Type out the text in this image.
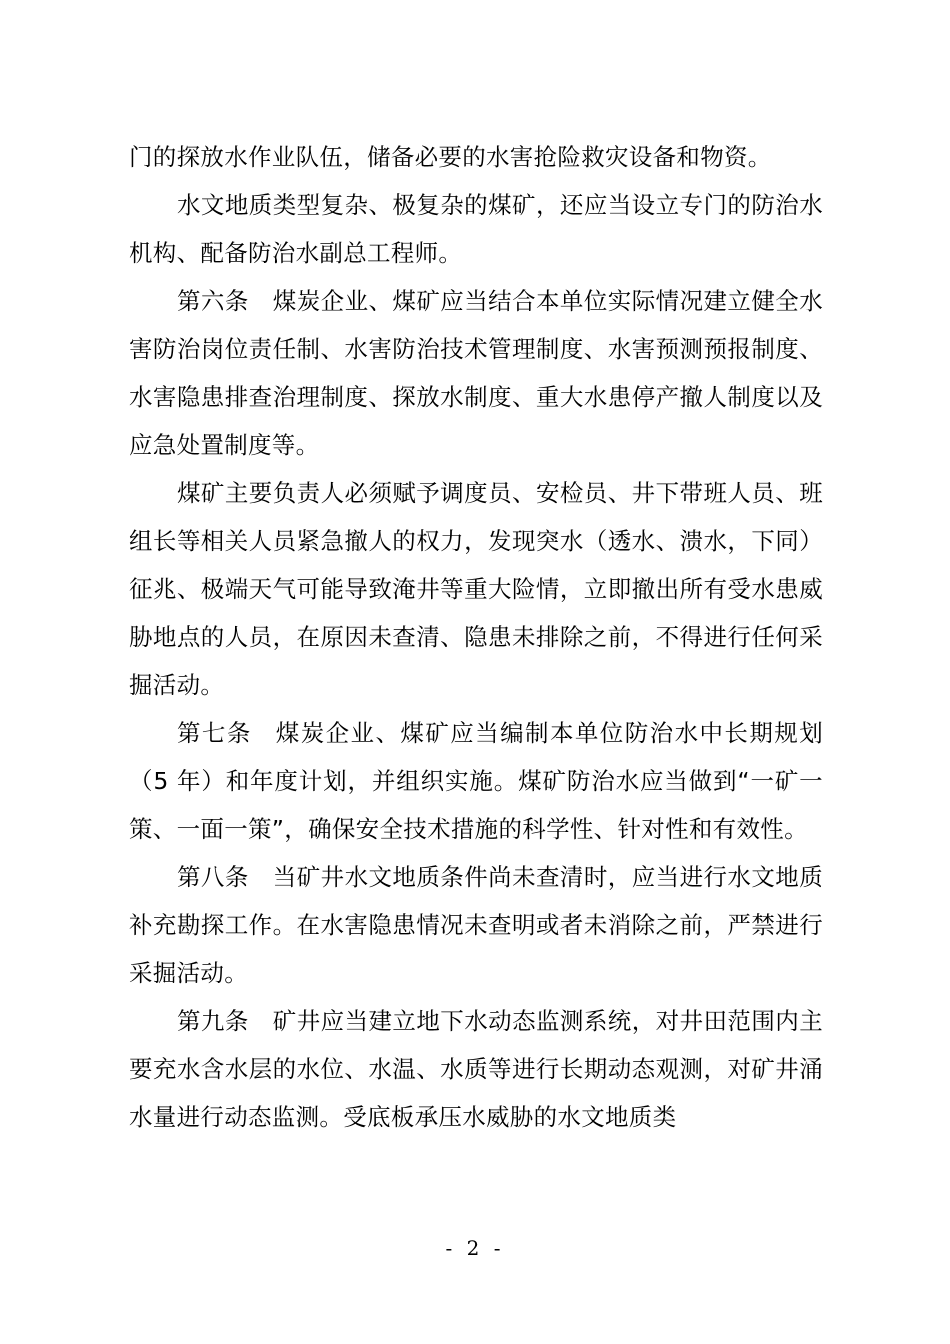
门的探放水作业队伍，储备必要的水害抢险救灾设备和物资。

水文地质类型复杂、极复杂的煤矿，还应当设立专门的防治水机构、配备防治水副总工程师。

第六条 煤炭企业、煤矿应当结合本单位实际情况建立健全水害防治岗位责任制、水害防治技术管理制度、水害预测预报制度、水害隐患排查治理制度、探放水制度、重大水患停产撤人制度以及应急处置制度等。

煤矿主要负责人必须赋予调度员、安检员、井下带班人员、班组长等相关人员紧急撤人的权力，发现突水（透水、溃水，下同）征兆、极端天气可能导致淹井等重大险情，立即撤出所有受水患威胁地点的人员，在原因未查清、隐患未排除之前，不得进行任何采掘活动。

第七条 煤炭企业、煤矿应当编制本单位防治水中长期规划（5 年）和年度计划，并组织实施。煤矿防治水应当做到“一矿一策、一面一策”，确保安全技术措施的科学性、针对性和有效性。

第八条 当矿井水文地质条件尚未查清时，应当进行水文地质补充勘探工作。在水害隐患情况未查明或者未消除之前，严禁进行采掘活动。

第九条 矿井应当建立地下水动态监测系统，对井田范围内主要充水含水层的水位、水温、水质等进行长期动态观测，对矿井涌水量进行动态监测。受底板承压水威胁的水文地质类

- 2 -
